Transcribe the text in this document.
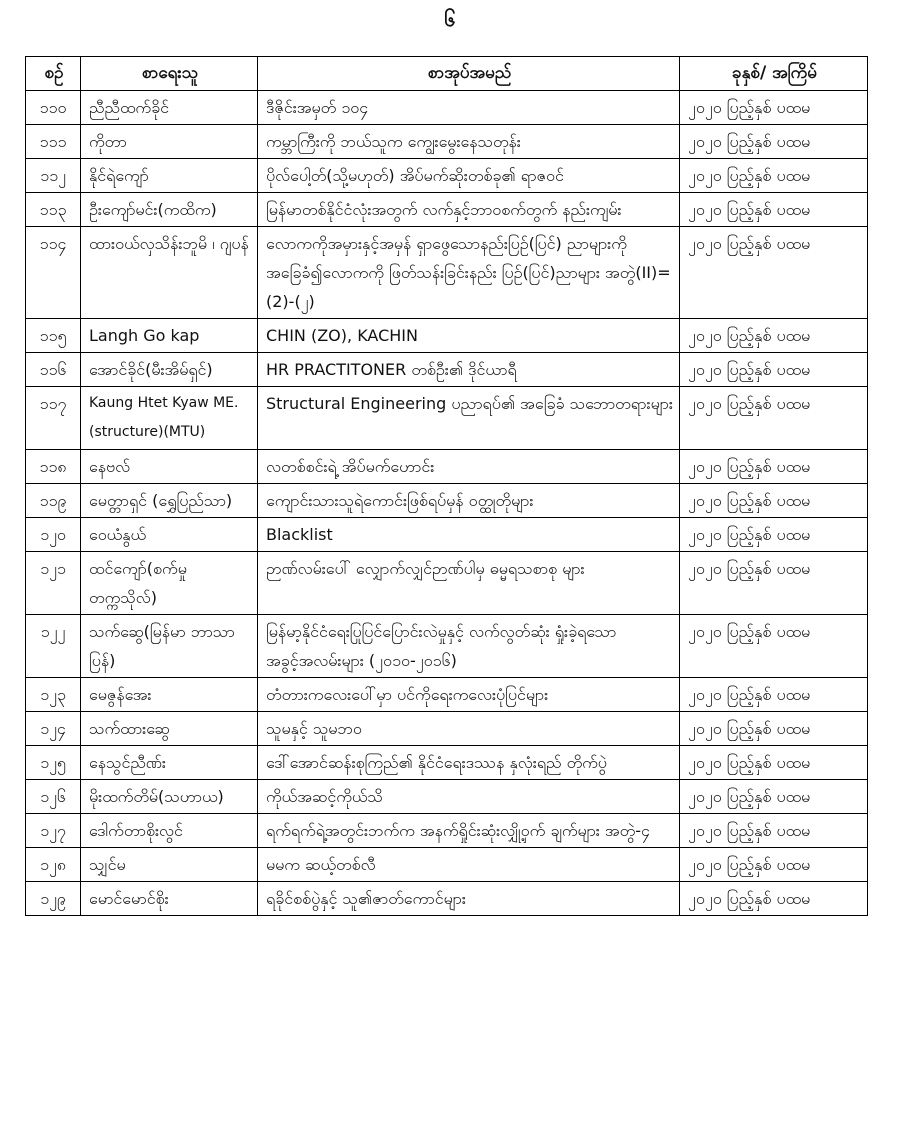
၆
စဉ်	စာရေးသူ	စာအုပ်အမည်	ခုနှစ်/ အကြိမ်
၁၁၀	ညီညီထက်ခိုင်	ဒီဇိုင်းအမှတ် ၁၀၄	၂၀၂၀ ပြည့်နှစ် ပထမ
၁၁၁	ကိုတာ	ကမ္ဘာကြီးကို ဘယ်သူက ကျွေးမွေးနေသတုန်း	၂၀၂၀ ပြည့်နှစ် ပထမ
၁၁၂	နိုင်ရဲကျော်	ပိုလ်ပေါ့တ်(သို့မဟုတ်) အိပ်မက်ဆိုးတစ်ခု၏ ရာဇဝင်	၂၀၂၀ ပြည့်နှစ် ပထမ
၁၁၃	ဦးကျော်မင်း(ကထိက)	မြန်မာတစ်နိုင်ငံလုံးအတွက် လက်နှင့်ဘာဝစက်တွက် နည်းကျမ်း	၂၀၂၀ ပြည့်နှစ် ပထမ
၁၁၄	ထားဝယ်လှသိန်းဘူမိ ၊ ဂျပန်	လောကကိုအမှားနှင့်အမှန် ရှာဖွေသောနည်းပြဉ်(ပြင်) ညာများကို အခြေခံ၍လောကကို ဖြတ်သန်းခြင်းနည်း ပြဉ်(ပြင်)ညာများ အတွဲ(II)=(2)-(၂)	၂၀၂၀ ပြည့်နှစ် ပထမ
၁၁၅	Langh Go kap	CHIN (ZO), KACHIN	၂၀၂၀ ပြည့်နှစ် ပထမ
၁၁၆	အောင်ခိုင်(မီးအိမ်ရှင်)	HR PRACTITONER တစ်ဦး၏ ဒိုင်ယာရီ	၂၀၂၀ ပြည့်နှစ် ပထမ
၁၁၇	Kaung Htet Kyaw ME.(structure)(MTU)	Structural Engineering ပညာရပ်၏ အခြေခံ သဘောတရားများ	၂၀၂၀ ပြည့်နှစ် ပထမ
၁၁၈	နေဗလ်	လတစ်စင်းရဲ့ အိပ်မက်ဟောင်း	၂၀၂၀ ပြည့်နှစ် ပထမ
၁၁၉	မေတ္တာရှင် (ရွှေပြည်သာ)	ကျောင်းသားသူရဲကောင်းဖြစ်ရပ်မှန် ဝတ္ထုတိုများ	၂၀၂၀ ပြည့်နှစ် ပထမ
၁၂၀	ဝေယံနွယ်	Blacklist	၂၀၂၀ ပြည့်နှစ် ပထမ
၁၂၁	ထင်ကျော်(စက်မှု တက္ကသိုလ်)	ဉာဏ်လမ်းပေါ် လျှောက်လျှင်ဉာဏ်ပါမှ ဓမ္မရသစာစု များ	၂၀၂၀ ပြည့်နှစ် ပထမ
၁၂၂	သက်ဆွေ(မြန်မာ ဘာသာပြန်)	မြန်မာ့နိုင်ငံရေးပြုပြင်ပြောင်းလဲမှုနှင့် လက်လွတ်ဆုံး ရှုံးခဲ့ရသော အခွင့်အလမ်းများ (၂၀၁၀-၂၀၁၆)	၂၀၂၀ ပြည့်နှစ် ပထမ
၁၂၃	မေဇွန်အေး	တံတားကလေးပေါ်မှာ ပင်ကိုရေးကလေးပုံပြင်များ	၂၀၂၀ ပြည့်နှစ် ပထမ
၁၂၄	သက်ထားဆွေ	သူမနှင့် သူမဘဝ	၂၀၂၀ ပြည့်နှစ် ပထမ
၁၂၅	နေသွင်ညီဏ်း	ဒေါ်အောင်ဆန်းစုကြည်၏ နိုင်ငံရေးဒဿန နှလုံးရည် တိုက်ပွဲ	၂၀၂၀ ပြည့်နှစ် ပထမ
၁၂၆	မိုးထက်တိမ်(သဟာယ)	ကိုယ်အဆင့်ကိုယ်သိ	၂၀၂၀ ပြည့်နှစ် ပထမ
၁၂၇	ဒေါက်တာစိုးလွင်	ရက်ရက်ရဲ့အတွင်းဘက်က အနက်ရှိုင်းဆုံးလျှို့ဝှက် ချက်များ အတွဲ-၄	၂၀၂၀ ပြည့်နှစ် ပထမ
၁၂၈	သျှင်မ	မမက ဆယ့်တစ်လီ	၂၀၂၀ ပြည့်နှစ် ပထမ
၁၂၉	မောင်မောင်စိုး	ရခိုင်စစ်ပွဲနှင့် သူ၏ဇာတ်ကောင်များ	၂၀၂၀ ပြည့်နှစ် ပထမ
